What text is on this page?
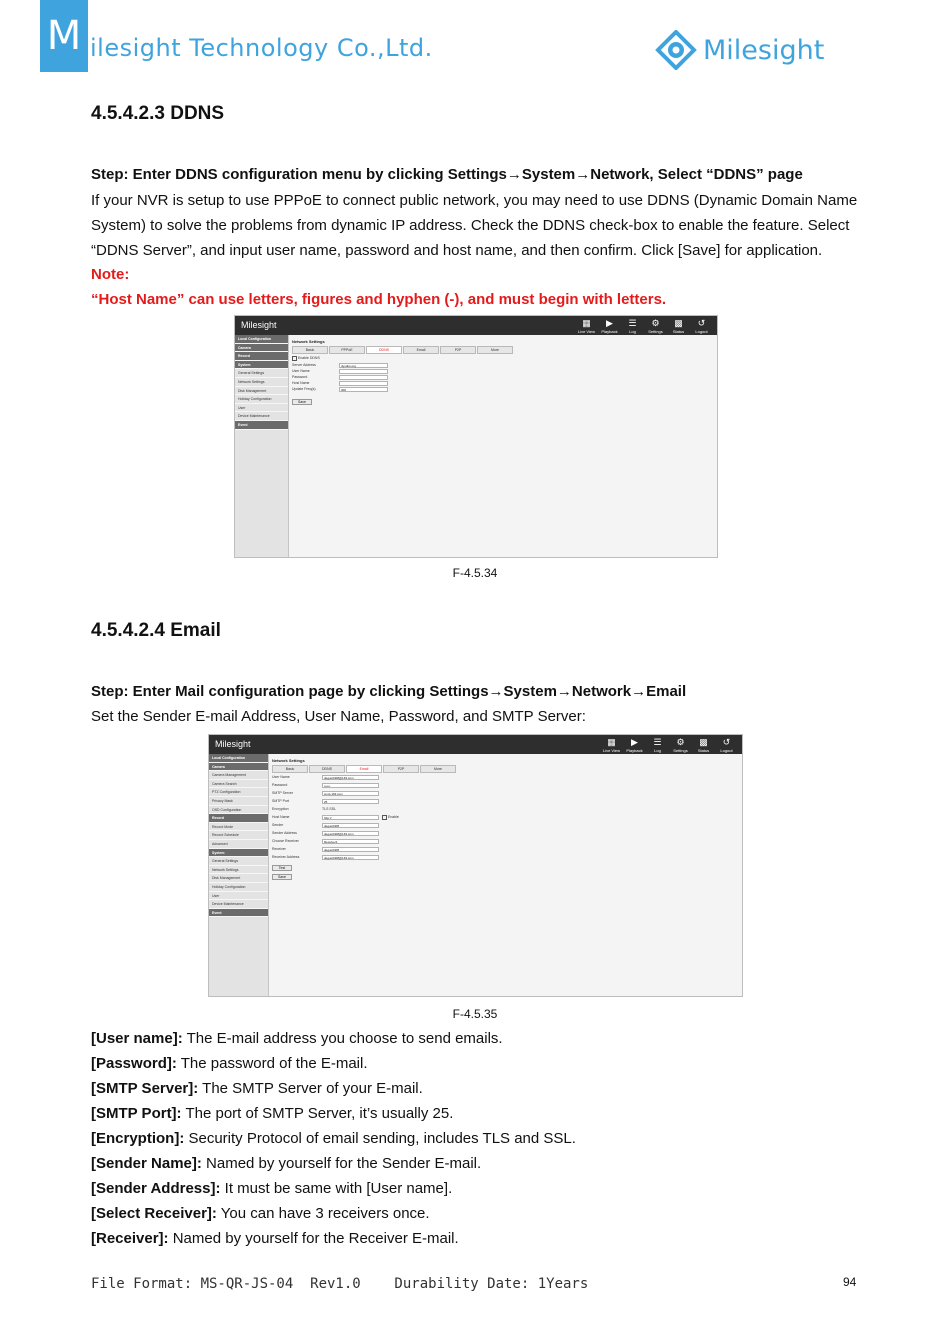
M ilesight Technology Co.,Ltd.	Milesight
4.5.4.2.3 DDNS
Step: Enter DDNS configuration menu by clicking Settings→System→Network, Select “DDNS” page
If your NVR is setup to use PPPoE to connect public network, you may need to use DDNS (Dynamic Domain Name System) to solve the problems from dynamic IP address. Check the DDNS check-box to enable the feature. Select “DDNS Server”, and input user name, password and host name, and then confirm. Click [Save] for application.
Note:
“Host Name” can use letters, figures and hyphen (-), and must begin with letters.
Milesight	▦
Live View
▶
Playback
☰
Log
⚙
Settings
▩
Status
↺
Logout
Local Configuration
Camera
Record
System
General Settings
Network Settings
Disk Management
Holiday Configuration
User
Device Maintenance
Event
Network Settings
Basic	PPPoE	DDNS	Email	P2P	More
Enable DDNS
Server Address	dyndns.org
User Name
Password
Host Name
Update Freq(s)	300
Save
F-4.5.34
4.5.4.2.4 Email
Step: Enter Mail configuration page by clicking Settings→System→Network→Email
Set the Sender E-mail Address, User Name, Password, and SMTP Server:
Milesight	▦
Live View
▶
Playback
☰
Log
⚙
Settings
▩
Status
↺
Logout
Local Configuration
Camera
Camera Management
Camera Search
PTZ Configuration
Privacy Mask
OSD Configuration
Record
Record Mode
Record Schedule
Advanced
System
General Settings
Network Settings
Disk Management
Holiday Configuration
User
Device Maintenance
Event
Network Settings
Basic	DDNS	Email	P2P	More
User Name	deguo0408@163.com
Password	••••••
SMTP Server	smtp.163.com
SMTP Port	25
Encryption	TLS SSL
Host Name	http://	Enable
Sender	deguo0408
Sender Address	deguo0408@163.com
Choose Receiver	Receiver1
Receiver	deguo0408
Receiver Address	deguo0408@163.com
Test
Save
F-4.5.35
[User name]: The E-mail address you choose to send emails.
[Password]: The password of the E-mail.
[SMTP Server]: The SMTP Server of your E-mail.
[SMTP Port]: The port of SMTP Server, it’s usually 25.
[Encryption]: Security Protocol of email sending, includes TLS and SSL.
[Sender Name]: Named by yourself for the Sender E-mail.
[Sender Address]: It must be same with [User name].
[Select Receiver]: You can have 3 receivers once.
[Receiver]: Named by yourself for the Receiver E-mail.
File Format: MS-QR-JS-04  Rev1.0    Durability Date: 1Years	94
